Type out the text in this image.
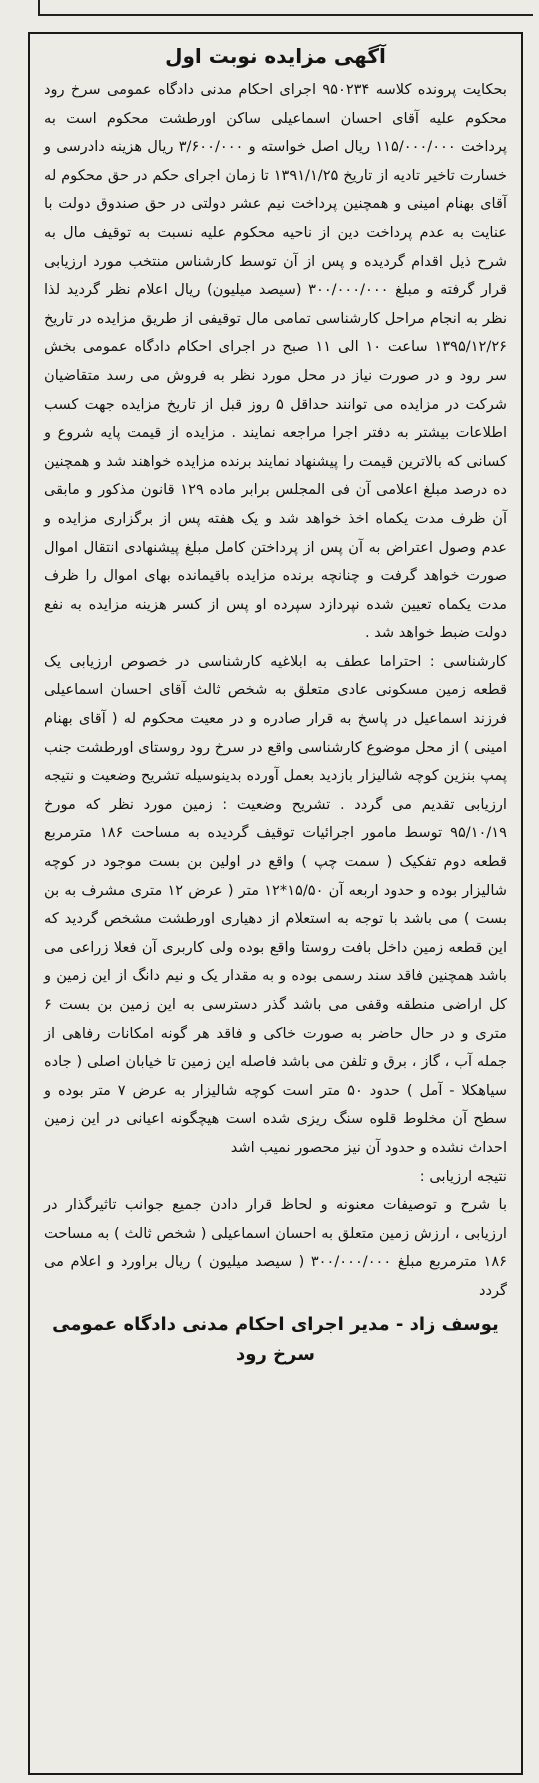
آگهی مزایده نوبت اول

بحکایت پرونده کلاسه ۹۵۰۲۳۴ اجرای احکام مدنی دادگاه عمومی سرخ رود محکوم علیه آقای احسان اسماعیلی ساکن اورطشت محکوم است به پرداخت ۱۱۵/۰۰۰/۰۰۰ ریال اصل خواسته و ۳/۶۰۰/۰۰۰ ریال هزینه دادرسی و خسارت تاخیر تادیه از تاریخ ۱۳۹۱/۱/۲۵ تا زمان اجرای حکم در حق محکوم له آقای بهنام امینی و همچنین پرداخت نیم عشر دولتی در حق صندوق دولت با عنایت به عدم پرداخت دین از ناحیه محکوم علیه نسبت به توقیف مال به شرح ذیل اقدام گردیده و پس از آن توسط کارشناس منتخب مورد ارزیابی قرار گرفته و مبلغ ۳۰۰/۰۰۰/۰۰۰ (سیصد میلیون) ریال اعلام نظر گردید لذا نظر به انجام مراحل کارشناسی تمامی مال توقیفی از طریق مزایده در تاریخ ۱۳۹۵/۱۲/۲۶ ساعت ۱۰ الی ۱۱ صبح در اجرای احکام دادگاه عمومی بخش سر رود و در صورت نیاز در محل مورد نظر به فروش می رسد متقاضیان شرکت در مزایده می توانند حداقل ۵ روز قبل از تاریخ مزایده جهت کسب اطلاعات بیشتر به دفتر اجرا مراجعه نمایند . مزایده از قیمت پایه شروع و کسانی که بالاترین قیمت را پیشنهاد نمایند برنده مزایده خواهند شد و همچنین ده درصد مبلغ اعلامی آن فی المجلس برابر ماده ۱۲۹ قانون مذکور و مابقی آن ظرف مدت یکماه اخذ خواهد شد و یک هفته پس از برگزاری مزایده و عدم وصول اعتراض به آن پس از پرداختن کامل مبلغ پیشنهادی انتقال اموال صورت خواهد گرفت و چنانچه برنده مزایده باقیمانده بهای اموال را ظرف مدت یکماه تعیین شده نپردازد سپرده او پس از کسر هزینه مزایده به نفع دولت ضبط خواهد شد .

کارشناسی : احتراما عطف به ابلاغیه کارشناسی در خصوص ارزیابی یک قطعه زمین مسکونی عادی متعلق به شخص ثالث آقای احسان اسماعیلی فرزند اسماعیل در پاسخ به قرار صادره و در معیت محکوم له ( آقای بهنام امینی ) از محل موضوع کارشناسی واقع در سرخ رود روستای اورطشت جنب پمپ بنزین کوچه شالیزار بازدید بعمل آورده بدینوسیله تشریح وضعیت و نتیجه ارزیابی تقدیم می گردد . تشریح وضعیت : زمین مورد نظر که مورخ ۹۵/۱۰/۱۹ توسط مامور اجرائیات توقیف گردیده به مساحت ۱۸۶ مترمربع قطعه دوم تفکیک ( سمت چپ ) واقع در اولین بن بست موجود در کوچه شالیزار بوده و حدود اربعه آن ۱۵/۵۰*۱۲ متر ( عرض ۱۲ متری مشرف به بن بست ) می باشد با توجه به استعلام از دهیاری اورطشت مشخص گردید که این قطعه زمین داخل بافت روستا واقع بوده ولی کاربری آن فعلا زراعی می باشد همچنین فاقد سند رسمی بوده و به مقدار یک و نیم دانگ از این زمین و کل اراضی منطقه وقفی می باشد گذر دسترسی به این زمین بن بست ۶ متری و در حال حاضر به صورت خاکی و فاقد هر گونه امکانات رفاهی از جمله آب ، گاز ، برق و تلفن می باشد فاصله این زمین تا خیابان اصلی ( جاده سیاهکلا - آمل ) حدود ۵۰ متر است کوچه شالیزار به عرض ۷ متر بوده و سطح آن مخلوط قلوه سنگ ریزی شده است هیچگونه اعیانی در این زمین احداث نشده و حدود آن نیز محصور نمیب اشد

نتیجه ارزیابی :

با شرح و توصیفات معنونه و لحاظ قرار دادن جمیع جوانب تاثیرگذار در ارزیابی ، ارزش زمین متعلق به احسان اسماعیلی ( شخص ثالث ) به مساحت ۱۸۶ مترمربع مبلغ ۳۰۰/۰۰۰/۰۰۰ ( سیصد میلیون ) ریال براورد و اعلام می گردد

یوسف زاد - مدیر اجرای احکام مدنی دادگاه عمومی سرخ رود
